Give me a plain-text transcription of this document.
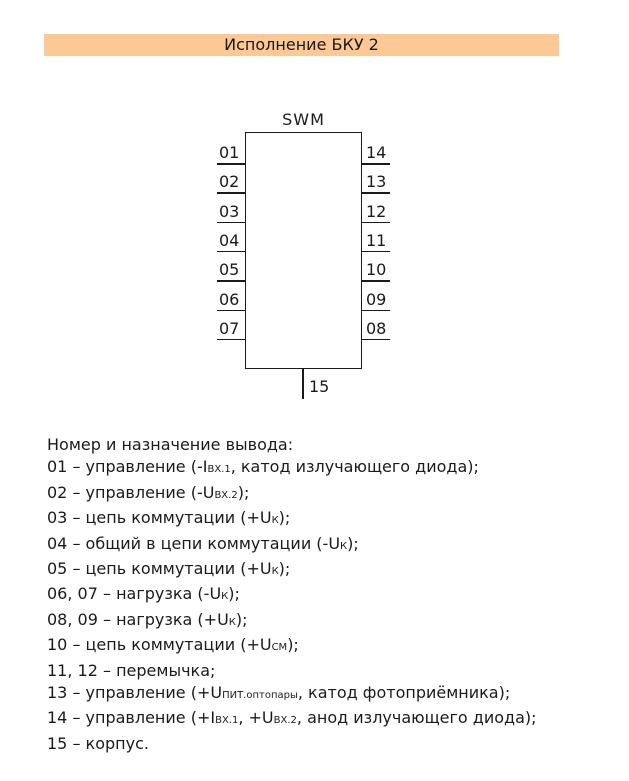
Исполнение БКУ 2
SWM
01
02
03
04
05
06
07
14
13
12
11
10
09
08
15
Номер и назначение вывода:
01 – управление (-IВХ.1, катод излучающего диода);
02 – управление (-UВХ.2);
03 – цепь коммутации (+UК);
04 – общий в цепи коммутации (-UК);
05 – цепь коммутации (+UК);
06, 07 – нагрузка (-UК);
08, 09 – нагрузка (+UК);
10 – цепь коммутации (+UСМ);
11, 12 – перемычка;
13 – управление (+UПИТ.оптопары, катод фотоприёмника);
14 – управление (+IВХ.1, +UВХ.2, анод излучающего диода);
15 – корпус.
